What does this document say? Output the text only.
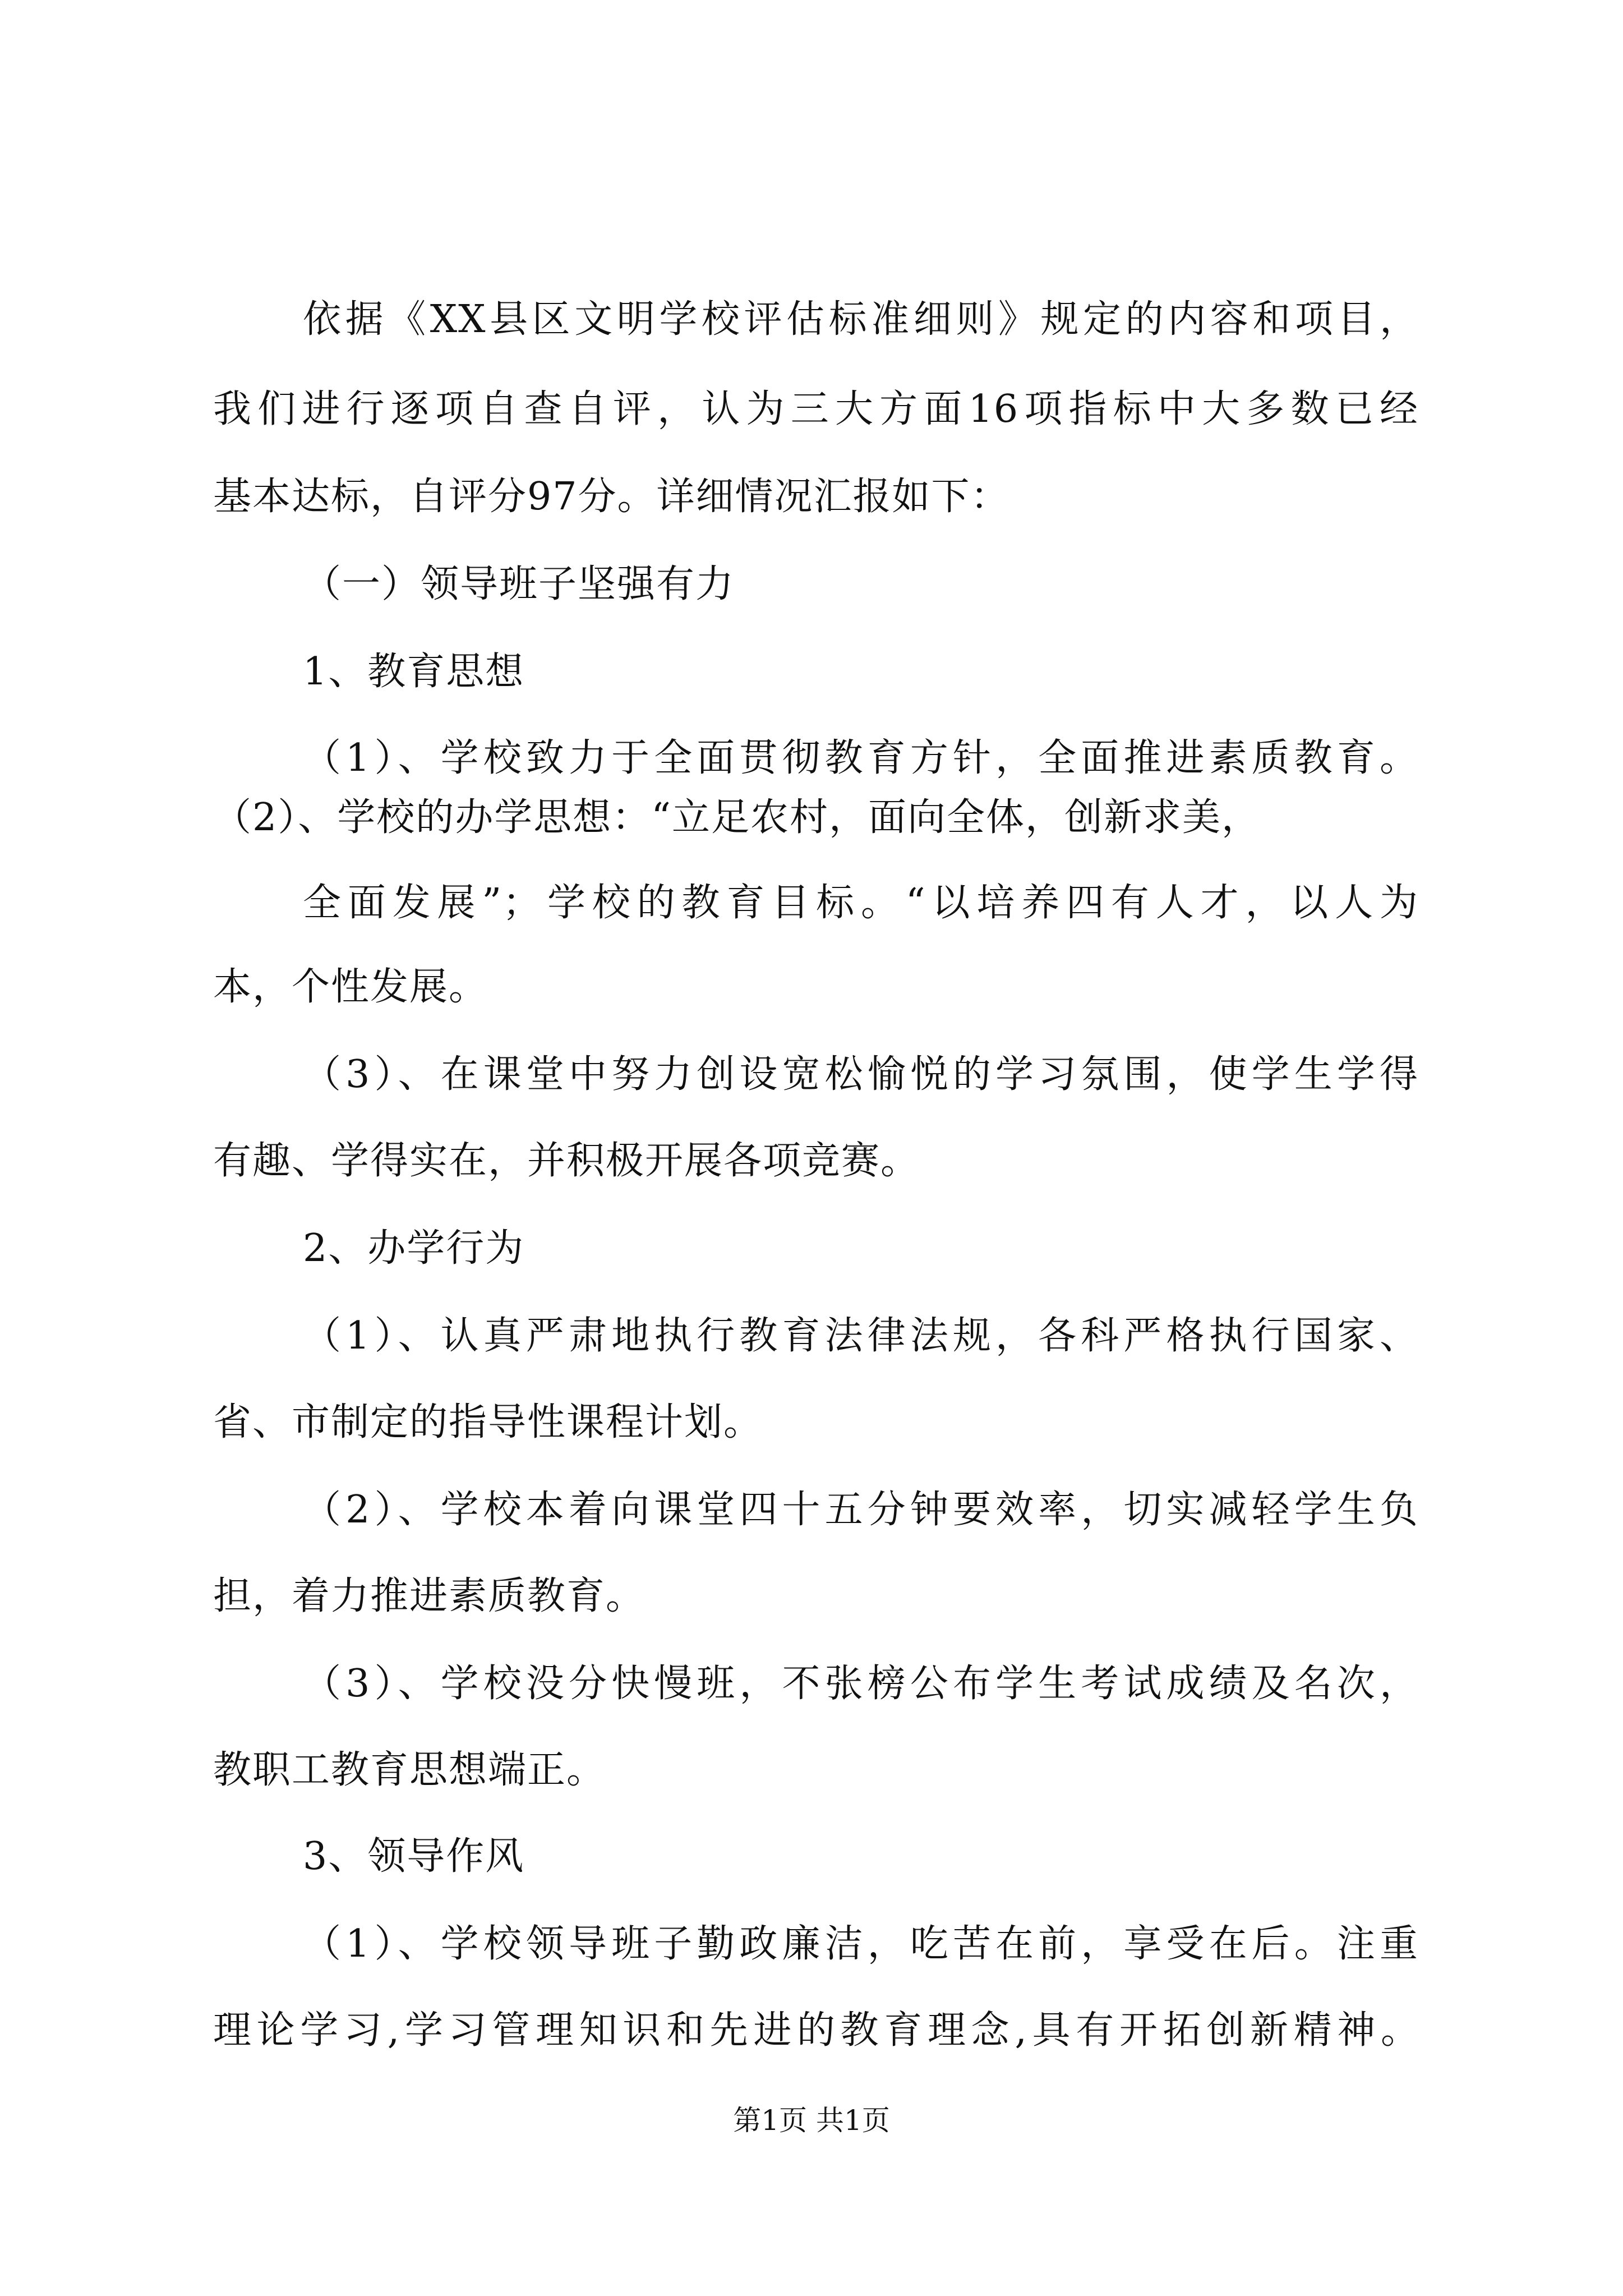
依据《XX县区文明学校评估标准细则》规定的内容和项目，
我们进行逐项自查自评，认为三大方面16项指标中大多数已经
基本达标，自评分97分。详细情况汇报如下：
（一）领导班子坚强有力
1、教育思想
（1）、学校致力于全面贯彻教育方针，全面推进素质教育。
（2）、学校的办学思想：“立足农村，面向全体，创新求美，
全面发展”；学校的教育目标。“以培养四有人才，以人为
本，个性发展。
（3）、在课堂中努力创设宽松愉悦的学习氛围，使学生学得
有趣、学得实在，并积极开展各项竞赛。
2、办学行为
（1）、认真严肃地执行教育法律法规，各科严格执行国家、
省、市制定的指导性课程计划。
（2）、学校本着向课堂四十五分钟要效率，切实减轻学生负
担，着力推进素质教育。
（3）、学校没分快慢班，不张榜公布学生考试成绩及名次，
教职工教育思想端正。
3、领导作风
（1）、学校领导班子勤政廉洁，吃苦在前，享受在后。注重
理论学习,学习管理知识和先进的教育理念,具有开拓创新精神。
第1页 共1页
